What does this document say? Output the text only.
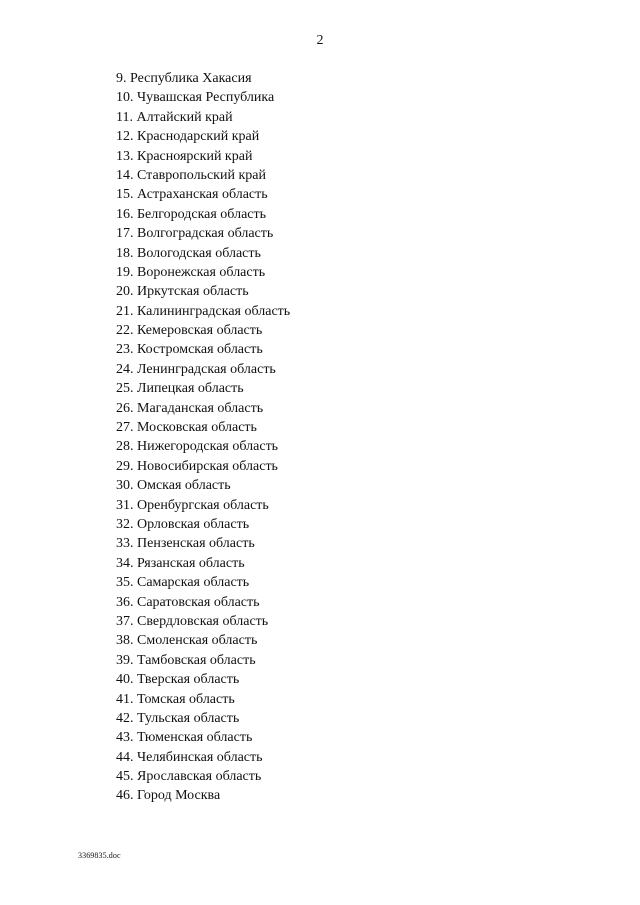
2
9. Республика Хакасия
10. Чувашская Республика
11. Алтайский край
12. Краснодарский край
13. Красноярский край
14. Ставропольский край
15. Астраханская область
16. Белгородская область
17. Волгоградская область
18. Вологодская область
19. Воронежская область
20. Иркутская область
21. Калининградская область
22. Кемеровская область
23. Костромская область
24. Ленинградская область
25. Липецкая область
26. Магаданская область
27. Московская область
28. Нижегородская область
29. Новосибирская область
30. Омская область
31. Оренбургская область
32. Орловская область
33. Пензенская область
34. Рязанская область
35. Самарская область
36. Саратовская область
37. Свердловская область
38. Смоленская область
39. Тамбовская область
40. Тверская область
41. Томская область
42. Тульская область
43. Тюменская область
44. Челябинская область
45. Ярославская область
46. Город Москва
3369835.doc
